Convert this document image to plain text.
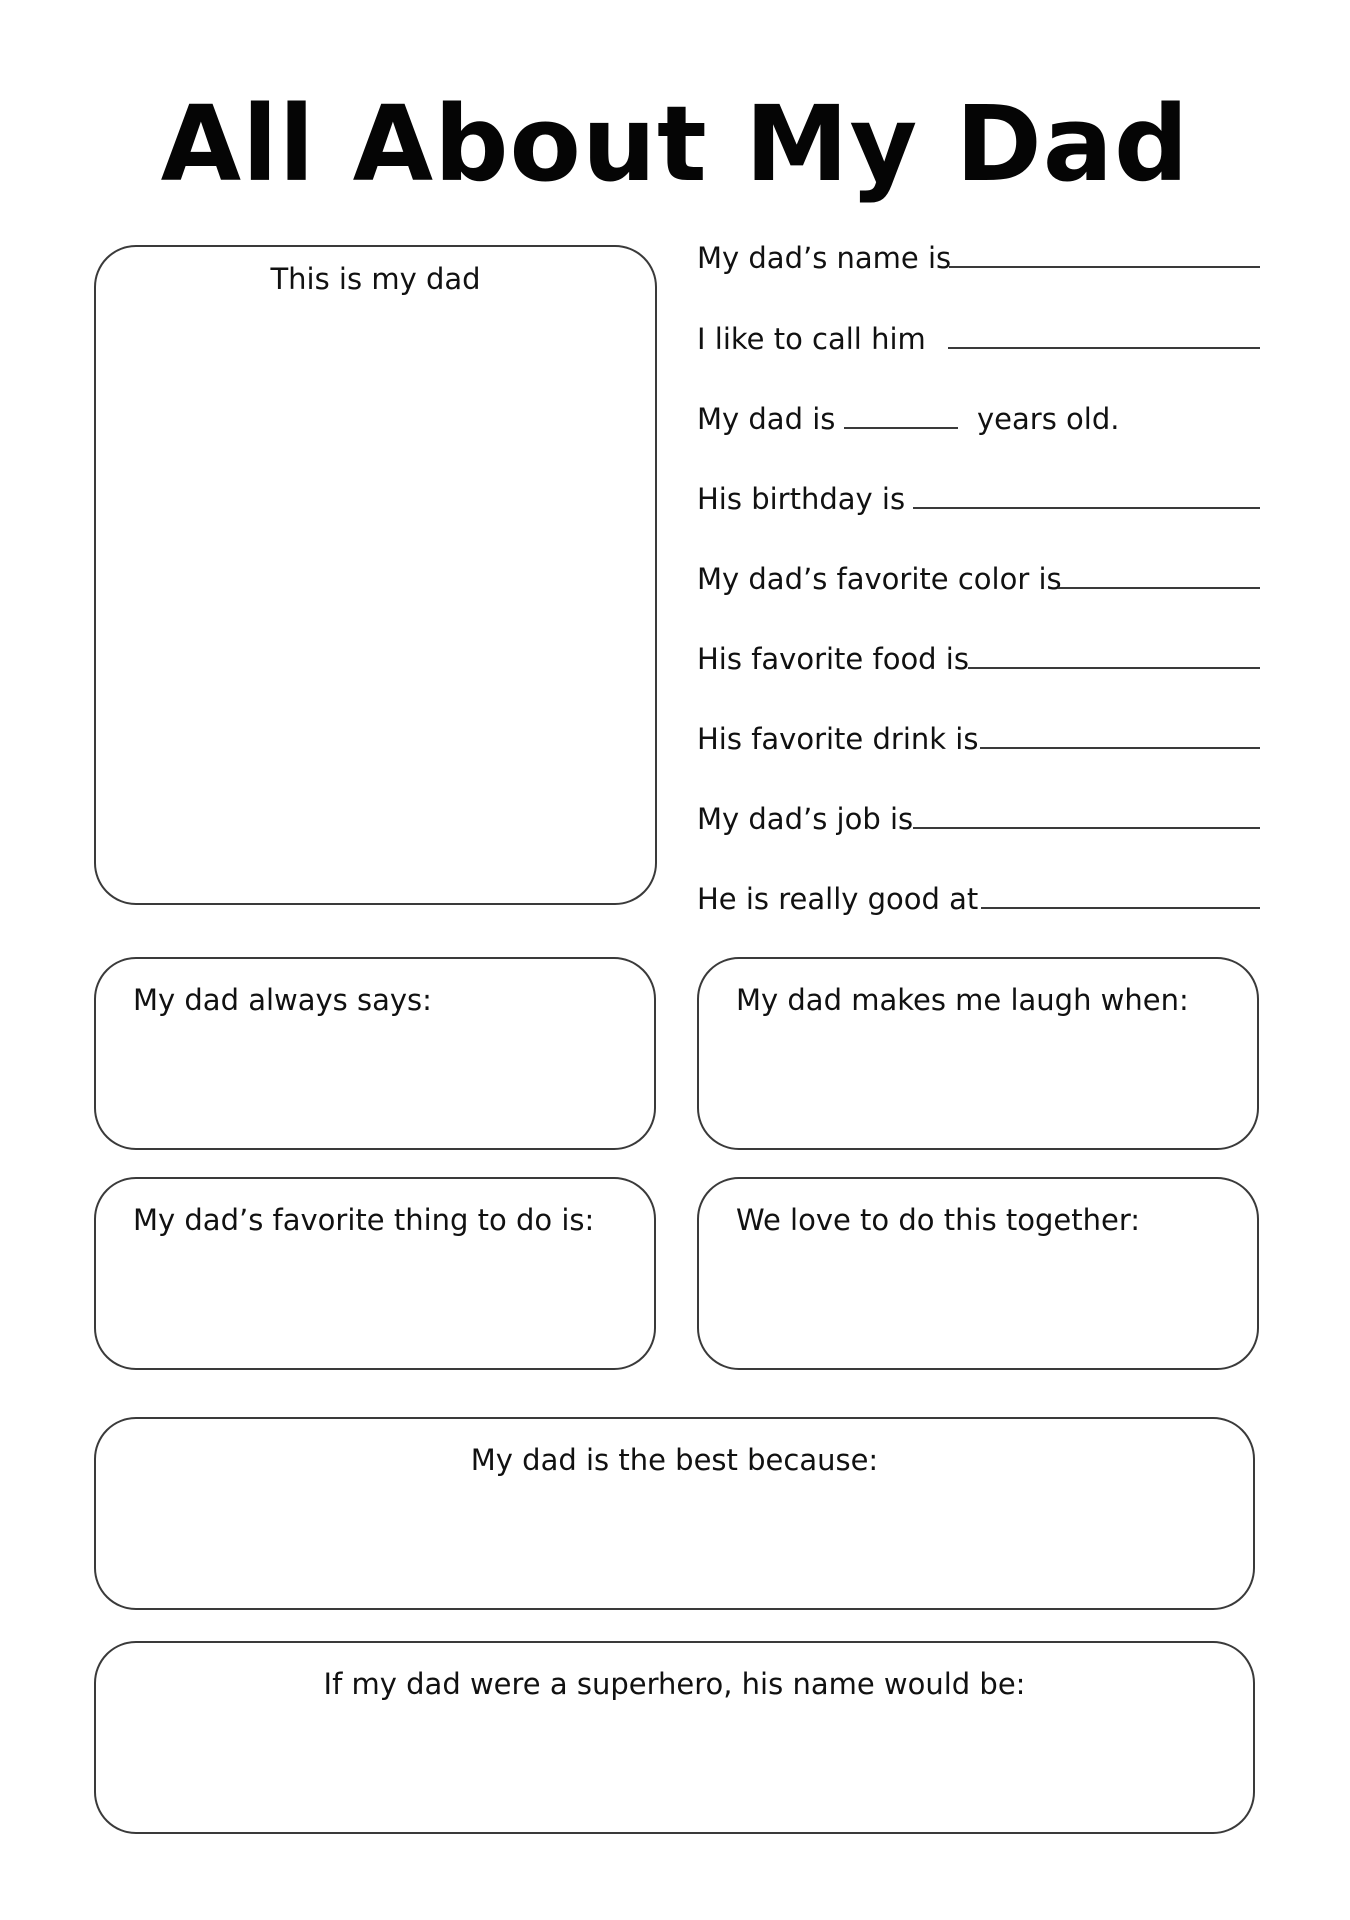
All About My Dad
This is my dad
My dad’s name is
I like to call him
My dad is	years old.
His birthday is
My dad’s favorite color is
His favorite food is
His favorite drink is
My dad’s job is
He is really good at
My dad always says:	My dad makes me laugh when:
My dad’s favorite thing to do is:	We love to do this together:
My dad is the best because:
If my dad were a superhero, his name would be:
